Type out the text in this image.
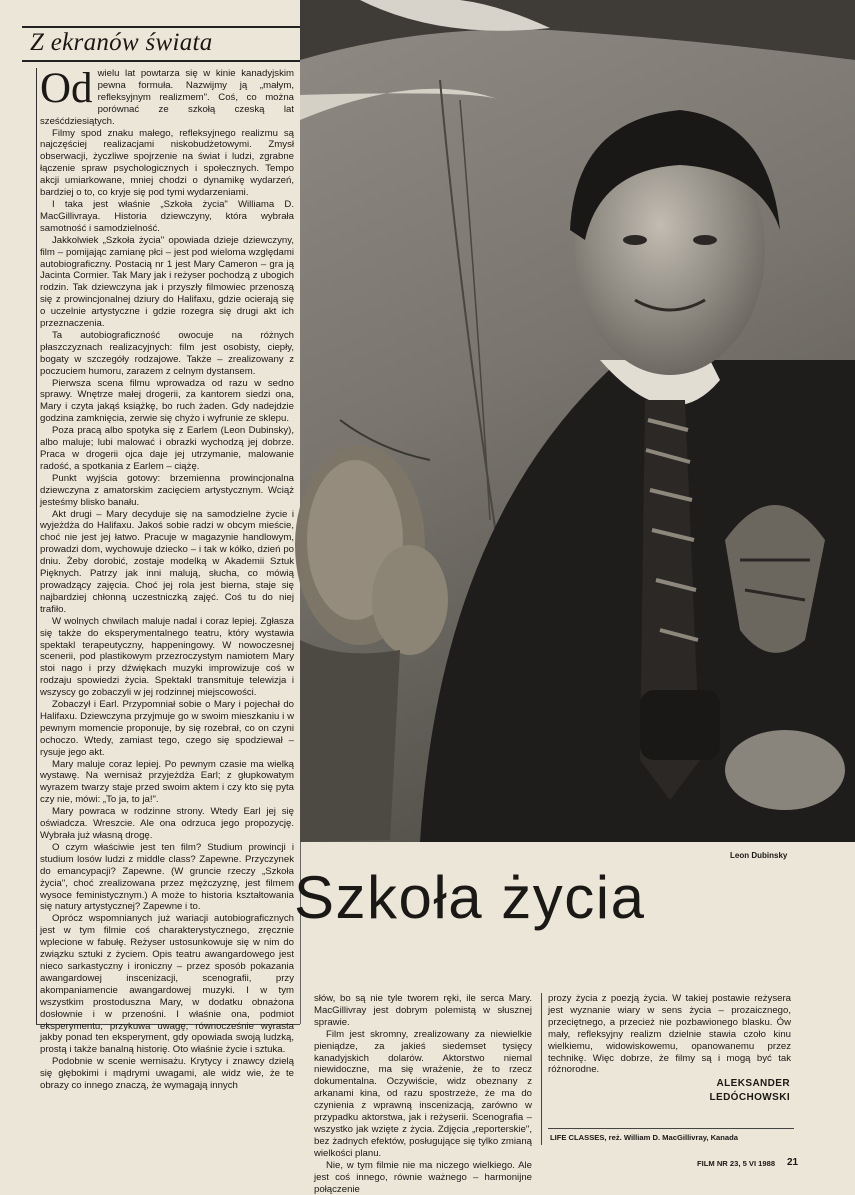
Z ekranów świata

Od wielu lat powtarza się w kinie kanadyjskim pewna formuła. Nazwijmy ją „małym, refleksyjnym realizmem". Coś, co można porównać ze szkołą czeską lat sześćdziesiątych.

Filmy spod znaku małego, refleksyjnego realizmu są najczęściej realizacjami niskobudżetowymi. Zmysł obserwacji, życzliwe spojrzenie na świat i ludzi, zgrabne łączenie spraw psychologicznych i społecznych. Tempo akcji umiarkowane, mniej chodzi o dynamikę wydarzeń, bardziej o to, co kryje się pod tymi wydarzeniami.

I taka jest właśnie „Szkoła życia" Williama D. MacGillivraya. Historia dziewczyny, która wybrała samotność i samodzielność.

Jakkolwiek „Szkoła życia" opowiada dzieje dziewczyny, film – pomijając zamianę płci – jest pod wieloma względami autobiograficzny. Postacią nr 1 jest Mary Cameron – gra ją Jacinta Cormier. Tak Mary jak i reżyser pochodzą z ubogich rodzin. Tak dziewczyna jak i przyszły filmowiec przenoszą się z prowincjonalnej dziury do Halifaxu, gdzie ocierają się o uczelnie artystyczne i gdzie rozegra się drugi akt ich przeznaczenia.

Ta autobiograficzność owocuje na różnych płaszczyznach realizacyjnych: film jest osobisty, ciepły, bogaty w szczegóły rodzajowe. Także – zrealizowany z poczuciem humoru, zarazem z celnym dystansem.

Pierwsza scena filmu wprowadza od razu w sedno sprawy. Wnętrze małej drogerii, za kantorem siedzi ona, Mary i czyta jakąś książkę, bo ruch żaden. Gdy nadejdzie godzina zamknięcia, zerwie się chyżo i wyfrunie ze sklepu.

Poza pracą albo spotyka się z Earlem (Leon Dubinsky), albo maluje; lubi malować i obrazki wychodzą jej dobrze. Praca w drogerii ojca daje jej utrzymanie, malowanie radość, a spotkania z Earlem – ciążę.

Punkt wyjścia gotowy: brzemienna prowincjonalna dziewczyna z amatorskim zacięciem artystycznym. Wciąż jesteśmy blisko banału.

Akt drugi – Mary decyduje się na samodzielne życie i wyjeżdża do Halifaxu. Jakoś sobie radzi w obcym mieście, choć nie jest jej łatwo. Pracuje w magazynie handlowym, prowadzi dom, wychowuje dziecko – i tak w kółko, dzień po dniu. Żeby dorobić, zostaje modelką w Akademii Sztuk Pięknych. Patrzy jak inni malują, słucha, co mówią prowadzący zajęcia. Choć jej rola jest bierna, staje się najbardziej chłonną uczestniczką zajęć. Coś tu do niej trafiło.

W wolnych chwilach maluje nadal i coraz lepiej. Zgłasza się także do eksperymentalnego teatru, który wystawia spektakl terapeutyczny, happeningowy. W nowoczesnej scenerii, pod plastikowym przezroczystym namiotem Mary stoi nago i przy dźwiękach muzyki improwizuje coś w rodzaju spowiedzi życia. Spektakl transmituje telewizja i wszyscy go zobaczyli w jej rodzinnej miejscowości.

Zobaczył i Earl. Przypomniał sobie o Mary i pojechał do Halifaxu. Dziewczyna przyjmuje go w swoim mieszkaniu i w pewnym momencie proponuje, by się rozebrał, co on czyni ochoczo. Wtedy, zamiast tego, czego się spodziewał – rysuje jego akt.

Mary maluje coraz lepiej. Po pewnym czasie ma wielką wystawę. Na wernisaż przyjeżdża Earl; z głupkowatym wyrazem twarzy staje przed swoim aktem i czy kto się pyta czy nie, mówi: „To ja, to ja!".

Mary powraca w rodzinne strony. Wtedy Earl jej się oświadcza. Wreszcie. Ale ona odrzuca jego propozycję. Wybrała już własną drogę.

O czym właściwie jest ten film? Studium prowincji i studium losów ludzi z middle class? Zapewne. Przyczynek do emancypacji? Zapewne. (W gruncie rzeczy „Szkoła życia", choć zrealizowana przez mężczyznę, jest filmem wysoce feministycznym.) A może to historia kształtowania się natury artystycznej? Zapewne i to.

Oprócz wspomnianych już wariacji autobiograficznych jest w tym filmie coś charakterystycznego, zręcznie wplecione w fabułę. Reżyser ustosunkowuje się w nim do związku sztuki z życiem. Opis teatru awangardowego jest nieco sarkastyczny i ironiczny – przez sposób pokazania awangardowej inscenizacji, scenografii, przy akompaniamencie awangardowej muzyki. I w tym wszystkim prostoduszna Mary, w dodatku obnażona dosłownie i w przenośni. I właśnie ona, podmiot eksperymentu, przykuwa uwagę, równocześnie wyrasta jakby ponad ten eksperyment, gdy opowiada swoją ludzką, prostą i także banalną historię. Oto właśnie życie i sztuka.

Podobnie w scenie wernisażu. Krytycy i znawcy dzielą się głębokimi i mądrymi uwagami, ale widz wie, że te obrazy co innego znaczą, że wymagają innych

Leon Dubinsky
Szkoła życia

słów, bo są nie tyle tworem ręki, ile serca Mary. MacGillivray jest dobrym polemistą w słusznej sprawie.

Film jest skromny, zrealizowany za niewielkie pieniądze, za jakieś siedemset tysięcy kanadyjskich dolarów. Aktorstwo niemal niewidoczne, ma się wrażenie, że to rzecz dokumentalna. Oczywiście, widz obeznany z arkanami kina, od razu spostrzeże, że ma do czynienia z wprawną inscenizacją, zarówno w przypadku aktorstwa, jak i reżyserii. Scenografia – wszystko jak wzięte z życia. Zdjęcia „reporterskie", bez żadnych efektów, posługujące się tylko zmianą wielkości planu.

Nie, w tym filmie nie ma niczego wielkiego. Ale jest coś innego, równie ważnego – harmonijne połączenie

prozy życia z poezją życia. W takiej postawie reżysera jest wyznanie wiary w sens życia – prozaicznego, przeciętnego, a przecież nie pozbawionego blasku. Ów mały, refleksyjny realizm dzielnie stawia czoło kinu wielkiemu, widowiskowemu, opanowanemu przez technikę. Więc dobrze, że filmy są i mogą być tak różnorodne.

ALEKSANDER
LEDÓCHOWSKI
LIFE CLASSES, reż. William D. MacGillivray, Kanada
FILM NR 23, 5 VI 1988 21
